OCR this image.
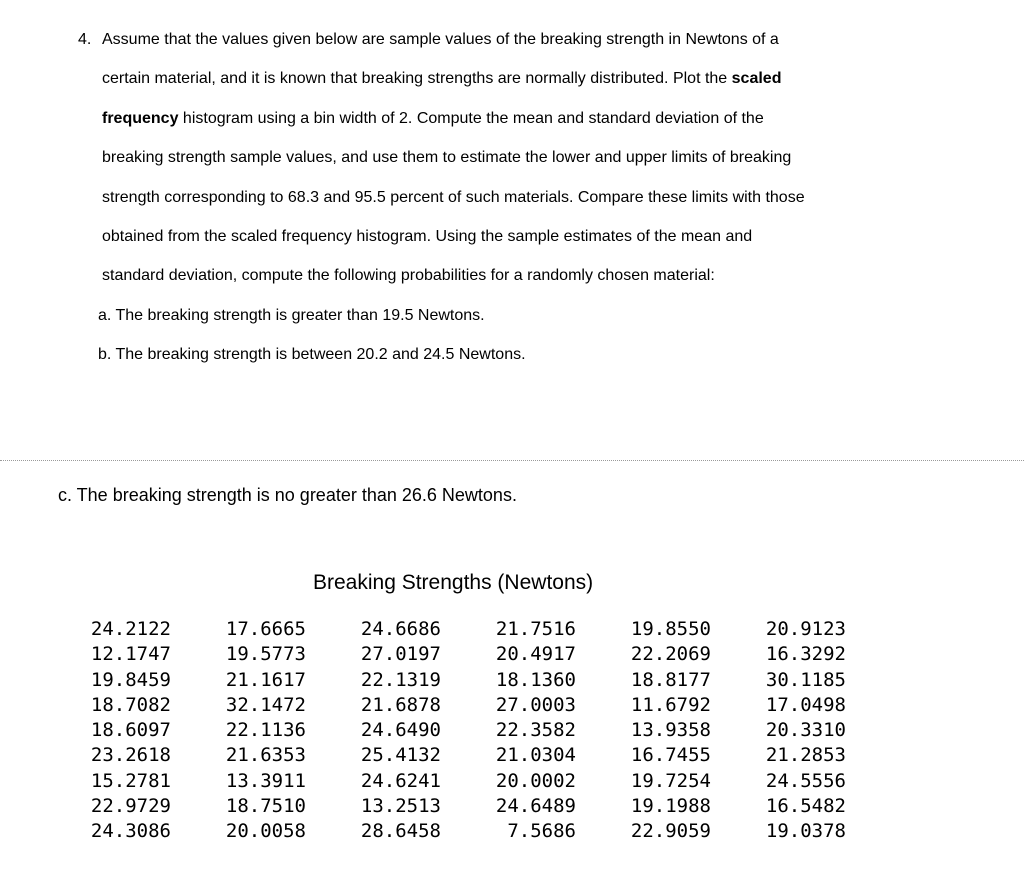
4. Assume that the values given below are sample values of the breaking strength in Newtons of a
certain material, and it is known that breaking strengths are normally distributed. Plot the scaled
frequency histogram using a bin width of 2. Compute the mean and standard deviation of the
breaking strength sample values, and use them to estimate the lower and upper limits of breaking
strength corresponding to 68.3 and 95.5 percent of such materials. Compare these limits with those
obtained from the scaled frequency histogram. Using the sample estimates of the mean and
standard deviation, compute the following probabilities for a randomly chosen material:
a. The breaking strength is greater than 19.5 Newtons.
b. The breaking strength is between 20.2 and 24.5 Newtons.
c. The breaking strength is no greater than 26.6 Newtons.
Breaking Strengths (Newtons)
24.2122	17.6665	24.6686	21.7516	19.8550	20.9123
12.1747	19.5773	27.0197	20.4917	22.2069	16.3292
19.8459	21.1617	22.1319	18.1360	18.8177	30.1185
18.7082	32.1472	21.6878	27.0003	11.6792	17.0498
18.6097	22.1136	24.6490	22.3582	13.9358	20.3310
23.2618	21.6353	25.4132	21.0304	16.7455	21.2853
15.2781	13.3911	24.6241	20.0002	19.7254	24.5556
22.9729	18.7510	13.2513	24.6489	19.1988	16.5482
24.3086	20.0058	28.6458	7.5686	22.9059	19.0378
